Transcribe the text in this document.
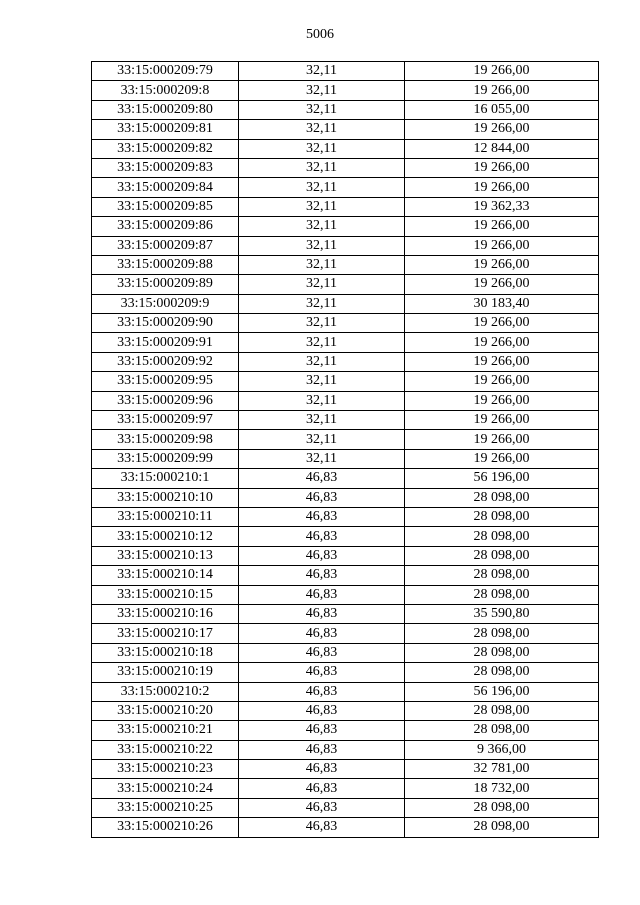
5006
33:15:000209:79	32,11	19 266,00
33:15:000209:8	32,11	19 266,00
33:15:000209:80	32,11	16 055,00
33:15:000209:81	32,11	19 266,00
33:15:000209:82	32,11	12 844,00
33:15:000209:83	32,11	19 266,00
33:15:000209:84	32,11	19 266,00
33:15:000209:85	32,11	19 362,33
33:15:000209:86	32,11	19 266,00
33:15:000209:87	32,11	19 266,00
33:15:000209:88	32,11	19 266,00
33:15:000209:89	32,11	19 266,00
33:15:000209:9	32,11	30 183,40
33:15:000209:90	32,11	19 266,00
33:15:000209:91	32,11	19 266,00
33:15:000209:92	32,11	19 266,00
33:15:000209:95	32,11	19 266,00
33:15:000209:96	32,11	19 266,00
33:15:000209:97	32,11	19 266,00
33:15:000209:98	32,11	19 266,00
33:15:000209:99	32,11	19 266,00
33:15:000210:1	46,83	56 196,00
33:15:000210:10	46,83	28 098,00
33:15:000210:11	46,83	28 098,00
33:15:000210:12	46,83	28 098,00
33:15:000210:13	46,83	28 098,00
33:15:000210:14	46,83	28 098,00
33:15:000210:15	46,83	28 098,00
33:15:000210:16	46,83	35 590,80
33:15:000210:17	46,83	28 098,00
33:15:000210:18	46,83	28 098,00
33:15:000210:19	46,83	28 098,00
33:15:000210:2	46,83	56 196,00
33:15:000210:20	46,83	28 098,00
33:15:000210:21	46,83	28 098,00
33:15:000210:22	46,83	9 366,00
33:15:000210:23	46,83	32 781,00
33:15:000210:24	46,83	18 732,00
33:15:000210:25	46,83	28 098,00
33:15:000210:26	46,83	28 098,00
